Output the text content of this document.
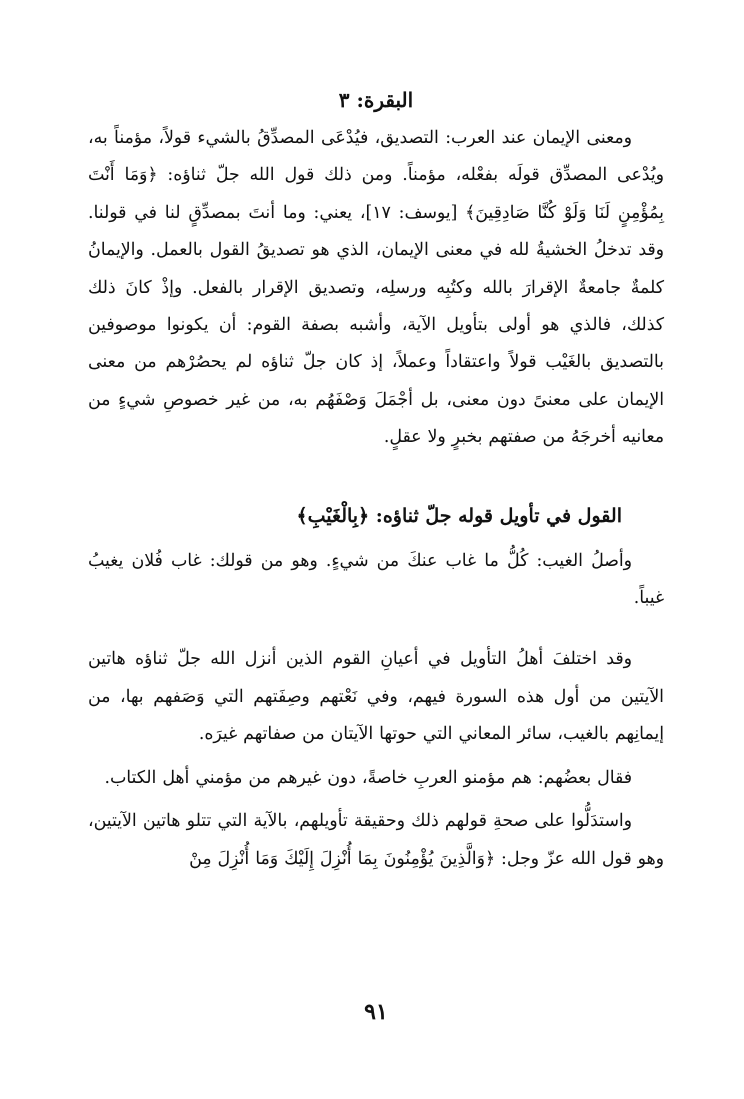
البقرة: ٣

ومعنى الإيمان عند العرب: التصديق، فيُدْعَى المصدِّقُ بالشيء قولاً، مؤمناً به، ويُدْعى المصدِّق قولَه بفعْله، مؤمناً. ومن ذلك قول الله جلّ ثناؤه: ﴿وَمَا أَنْتَ بِمُؤْمِنٍ لَنَا وَلَوْ كُنَّا صَادِقِينَ﴾ [يوسف: ١٧]، يعني: وما أنتَ بمصدِّقٍ لنا في قولنا. وقد تدخلُ الخشيةُ لله في معنى الإيمان، الذي هو تصديقُ القول بالعمل. والإيمانُ كلمةٌ جامعةٌ الإقرارَ بالله وكتُبِه ورسلِه، وتصديق الإقرار بالفعل. وإذْ كانَ ذلك كذلك، فالذي هو أولى بتأويل الآية، وأشبه بصفة القوم: أن يكونوا موصوفين بالتصديق بالغَيْب قولاً واعتقاداً وعملاً، إذ كان جلّ ثناؤه لم يحصُرْهم من معنى الإيمان على معنىً دون معنى، بل أجْمَلَ وَصْفَهُم به، من غير خصوصِ شيءٍ من معانيه أخرجَهُ من صفتهم بخبرٍ ولا عقلٍ.

القول في تأويل قوله جلّ ثناؤه: ﴿بِالْغَيْبِ﴾

وأصلُ الغيب: كُلُّ ما غاب عنكَ من شيءٍ. وهو من قولك: غاب فُلان يغيبُ غيباً.

وقد اختلفَ أهلُ التأويل في أعيانِ القوم الذين أنزل الله جلّ ثناؤه هاتين الآيتين من أول هذه السورة فيهم، وفي نَعْتهم وصِفَتهم التي وَصَفهم بها، من إيمانِهم بالغيب، سائر المعاني التي حوتها الآيتان من صفاتهم غيرَه.

فقال بعضُهم: هم مؤمنو العربِ خاصةً، دون غيرهم من مؤمني أهل الكتاب.

واستدَلُّوا على صحةِ قولهم ذلك وحقيقة تأويلهم، بالآية التي تتلو هاتين الآيتين، وهو قول الله عزّ وجل: ﴿وَالَّذِينَ يُؤْمِنُونَ بِمَا أُنْزِلَ إِلَيْكَ وَمَا أُنْزِلَ مِنْ

٩١
